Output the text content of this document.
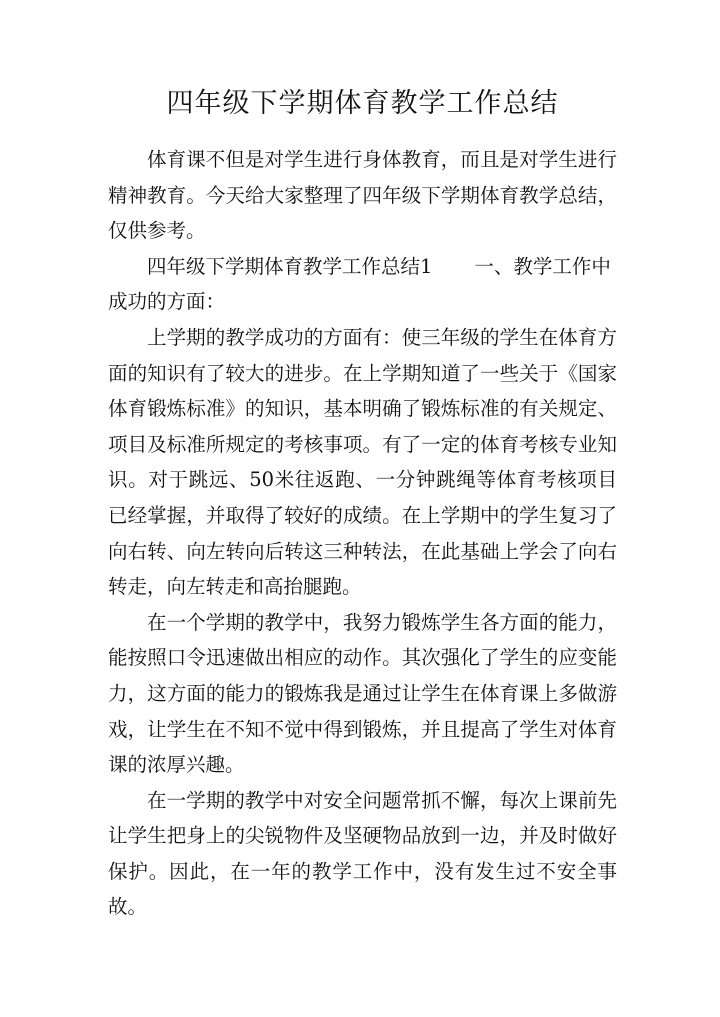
四年级下学期体育教学工作总结

体育课不但是对学生进行身体教育，而且是对学生进行精神教育。今天给大家整理了四年级下学期体育教学总结，仅供参考。

四年级下学期体育教学工作总结1 一、教学工作中成功的方面：

上学期的教学成功的方面有：使三年级的学生在体育方面的知识有了较大的进步。在上学期知道了一些关于《国家体育锻炼标准》的知识，基本明确了锻炼标准的有关规定、项目及标准所规定的考核事项。有了一定的体育考核专业知识。对于跳远、50米往返跑、一分钟跳绳等体育考核项目已经掌握，并取得了较好的成绩。在上学期中的学生复习了向右转、向左转向后转这三种转法，在此基础上学会了向右转走，向左转走和高抬腿跑。

在一个学期的教学中，我努力锻炼学生各方面的能力，能按照口令迅速做出相应的动作。其次强化了学生的应变能力，这方面的能力的锻炼我是通过让学生在体育课上多做游戏，让学生在不知不觉中得到锻炼，并且提高了学生对体育课的浓厚兴趣。

在一学期的教学中对安全问题常抓不懈，每次上课前先让学生把身上的尖锐物件及坚硬物品放到一边，并及时做好保护。因此，在一年的教学工作中，没有发生过不安全事故。
